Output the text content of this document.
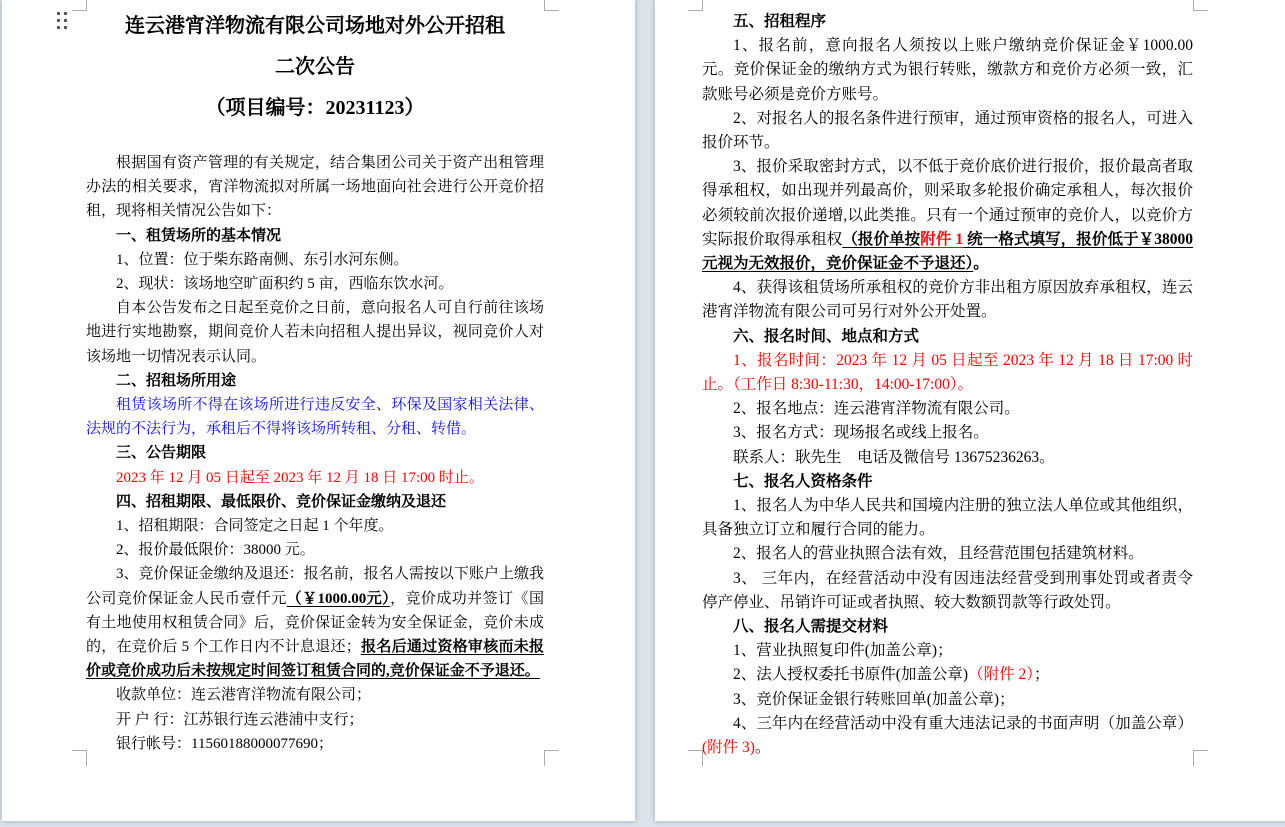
连云港宵洋物流有限公司场地对外公开招租

二次公告

（项目编号：20231123）

根据国有资产管理的有关规定，结合集团公司关于资产出租管理办法的相关要求，宵洋物流拟对所属一场地面向社会进行公开竞价招租，现将相关情况公告如下：

一、租赁场所的基本情况

1、位置：位于柴东路南侧、东引水河东侧。

2、现状：该场地空旷面积约 5 亩，西临东饮水河。

自本公告发布之日起至竞价之日前，意向报名人可自行前往该场地进行实地勘察，期间竞价人若未向招租人提出异议，视同竞价人对该场地一切情况表示认同。

二、招租场所用途

租赁该场所不得在该场所进行违反安全、环保及国家相关法律、法规的不法行为，承租后不得将该场所转租、分租、转借。

三、公告期限

2023 年 12 月 05 日起至 2023 年 12 月 18 日 17:00 时止。

四、招租期限、最低限价、竞价保证金缴纳及退还

1、招租期限：合同签定之日起 1 个年度。

2、报价最低限价：38000 元。

3、竞价保证金缴纳及退还：报名前，报名人需按以下账户上缴我公司竞价保证金人民币壹仟元（￥1000.00元），竞价成功并签订《国有土地使用权租赁合同》后，竞价保证金转为安全保证金，竞价未成的，在竞价后 5 个工作日内不计息退还；报名后通过资格审核而未报价或竞价成功后未按规定时间签订租赁合同的,竞价保证金不予退还。

收款单位：连云港宵洋物流有限公司；

开 户 行：江苏银行连云港浦中支行；

银行帐号：11560188000077690；

五、招租程序

1、报名前，意向报名人须按以上账户缴纳竞价保证金￥1000.00元。竞价保证金的缴纳方式为银行转账，缴款方和竞价方必须一致，汇款账号必须是竞价方账号。

2、对报名人的报名条件进行预审，通过预审资格的报名人，可进入报价环节。

3、报价采取密封方式，以不低于竞价底价进行报价，报价最高者取得承租权，如出现并列最高价，则采取多轮报价确定承租人，每次报价必须较前次报价递增,以此类推。只有一个通过预审的竞价人，以竞价方实际报价取得承租权（报价单按附件 1 统一格式填写，报价低于￥38000 元视为无效报价，竞价保证金不予退还）。

4、获得该租赁场所承租权的竞价方非出租方原因放弃承租权，连云港宵洋物流有限公司可另行对外公开处置。

六、报名时间、地点和方式

1、报名时间：2023 年 12 月 05 日起至 2023 年 12 月 18 日 17:00 时止。（工作日 8:30-11:30，14:00-17:00）。

2、报名地点：连云港宵洋物流有限公司。

3、报名方式：现场报名或线上报名。

联系人：耿先生　电话及微信号 13675236263。

七、报名人资格条件

1、报名人为中华人民共和国境内注册的独立法人单位或其他组织，具备独立订立和履行合同的能力。

2、报名人的营业执照合法有效，且经营范围包括建筑材料。

3、 三年内，在经营活动中没有因违法经营受到刑事处罚或者责令停产停业、吊销许可证或者执照、较大数额罚款等行政处罚。

八、报名人需提交材料

1、营业执照复印件(加盖公章)；

2、法人授权委托书原件(加盖公章)（附件 2）；

3、竞价保证金银行转账回单(加盖公章)；

4、三年内在经营活动中没有重大违法记录的书面声明（加盖公章）(附件 3)。
